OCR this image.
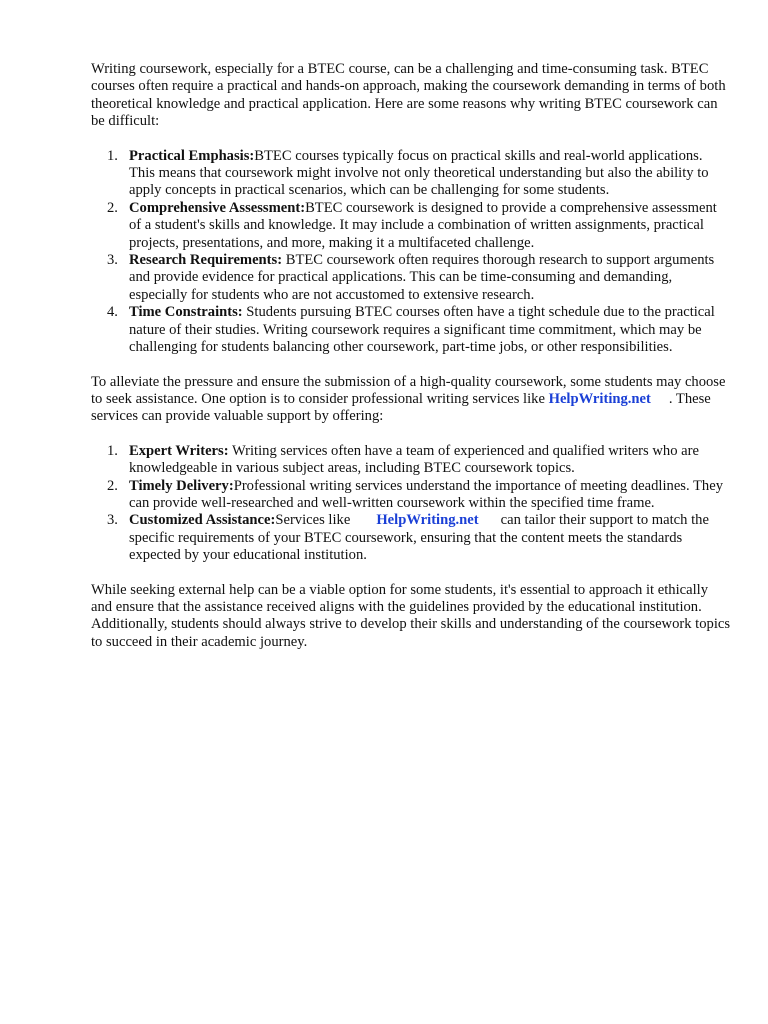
Writing coursework, especially for a BTEC course, can be a challenging and time-consuming task. BTEC courses often require a practical and hands-on approach, making the coursework demanding in terms of both theoretical knowledge and practical application. Here are some reasons why writing BTEC coursework can be difficult:

1. Practical Emphasis:BTEC courses typically focus on practical skills and real-world applications. This means that coursework might involve not only theoretical understanding but also the ability to apply concepts in practical scenarios, which can be challenging for some students.
2. Comprehensive Assessment:BTEC coursework is designed to provide a comprehensive assessment of a student's skills and knowledge. It may include a combination of written assignments, practical projects, presentations, and more, making it a multifaceted challenge.
3. Research Requirements: BTEC coursework often requires thorough research to support arguments and provide evidence for practical applications. This can be time-consuming and demanding, especially for students who are not accustomed to extensive research.
4. Time Constraints: Students pursuing BTEC courses often have a tight schedule due to the practical nature of their studies. Writing coursework requires a significant time commitment, which may be challenging for students balancing other coursework, part-time jobs, or other responsibilities.

To alleviate the pressure and ensure the submission of a high-quality coursework, some students may choose to seek assistance. One option is to consider professional writing services like HelpWriting.net . These services can provide valuable support by offering:

1. Expert Writers: Writing services often have a team of experienced and qualified writers who are knowledgeable in various subject areas, including BTEC coursework topics.
2. Timely Delivery:Professional writing services understand the importance of meeting deadlines. They can provide well-researched and well-written coursework within the specified time frame.
3. Customized Assistance:Services like HelpWriting.net can tailor their support to match the specific requirements of your BTEC coursework, ensuring that the content meets the standards expected by your educational institution.

While seeking external help can be a viable option for some students, it's essential to approach it ethically and ensure that the assistance received aligns with the guidelines provided by the educational institution. Additionally, students should always strive to develop their skills and understanding of the coursework topics to succeed in their academic journey.
